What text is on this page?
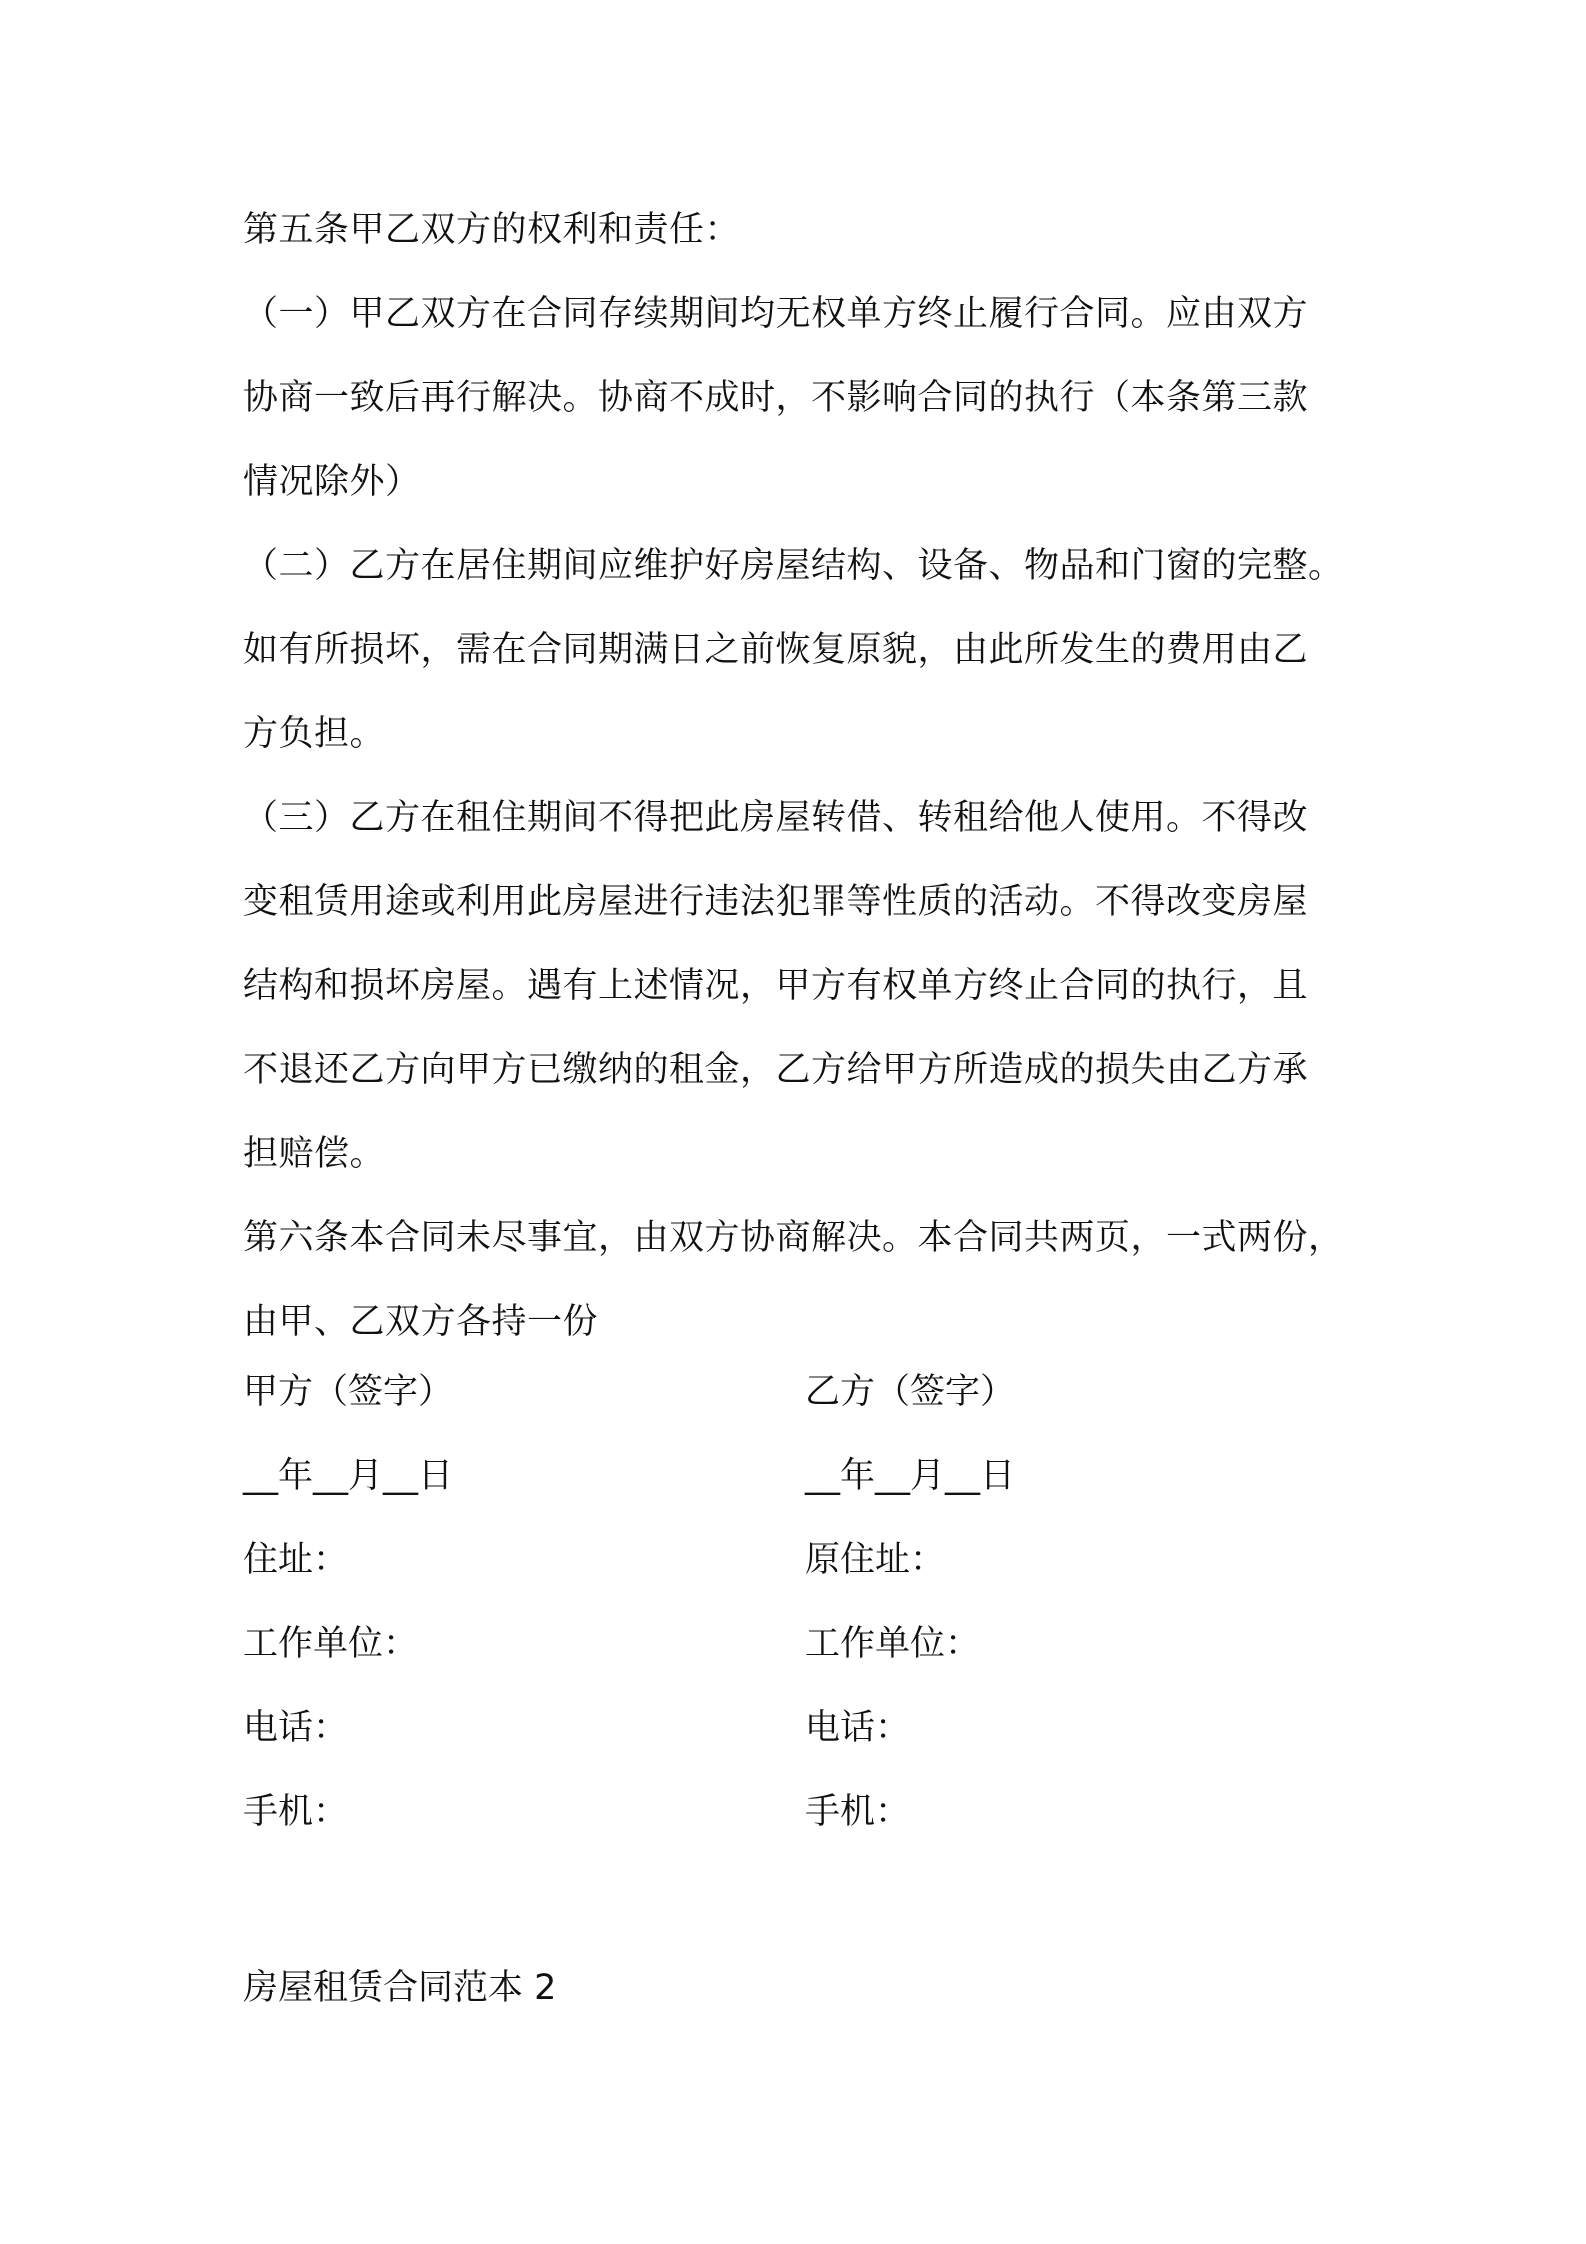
第五条甲乙双方的权利和责任：
（一）甲乙双方在合同存续期间均无权单方终止履行合同。应由双方
协商一致后再行解决。协商不成时，不影响合同的执行（本条第三款
情况除外）
（二）乙方在居住期间应维护好房屋结构、设备、物品和门窗的完整。
如有所损坏，需在合同期满日之前恢复原貌，由此所发生的费用由乙
方负担。
（三）乙方在租住期间不得把此房屋转借、转租给他人使用。不得改
变租赁用途或利用此房屋进行违法犯罪等性质的活动。不得改变房屋
结构和损坏房屋。遇有上述情况，甲方有权单方终止合同的执行，且
不退还乙方向甲方已缴纳的租金，乙方给甲方所造成的损失由乙方承
担赔偿。
第六条本合同未尽事宜，由双方协商解决。本合同共两页，一式两份，
由甲、乙双方各持一份
甲方（签字）	乙方（签字）
__年__月__日	__年__月__日
住址：	原住址：
工作单位：	工作单位：
电话：	电话：
手机：	手机：
房屋租赁合同范本 2
